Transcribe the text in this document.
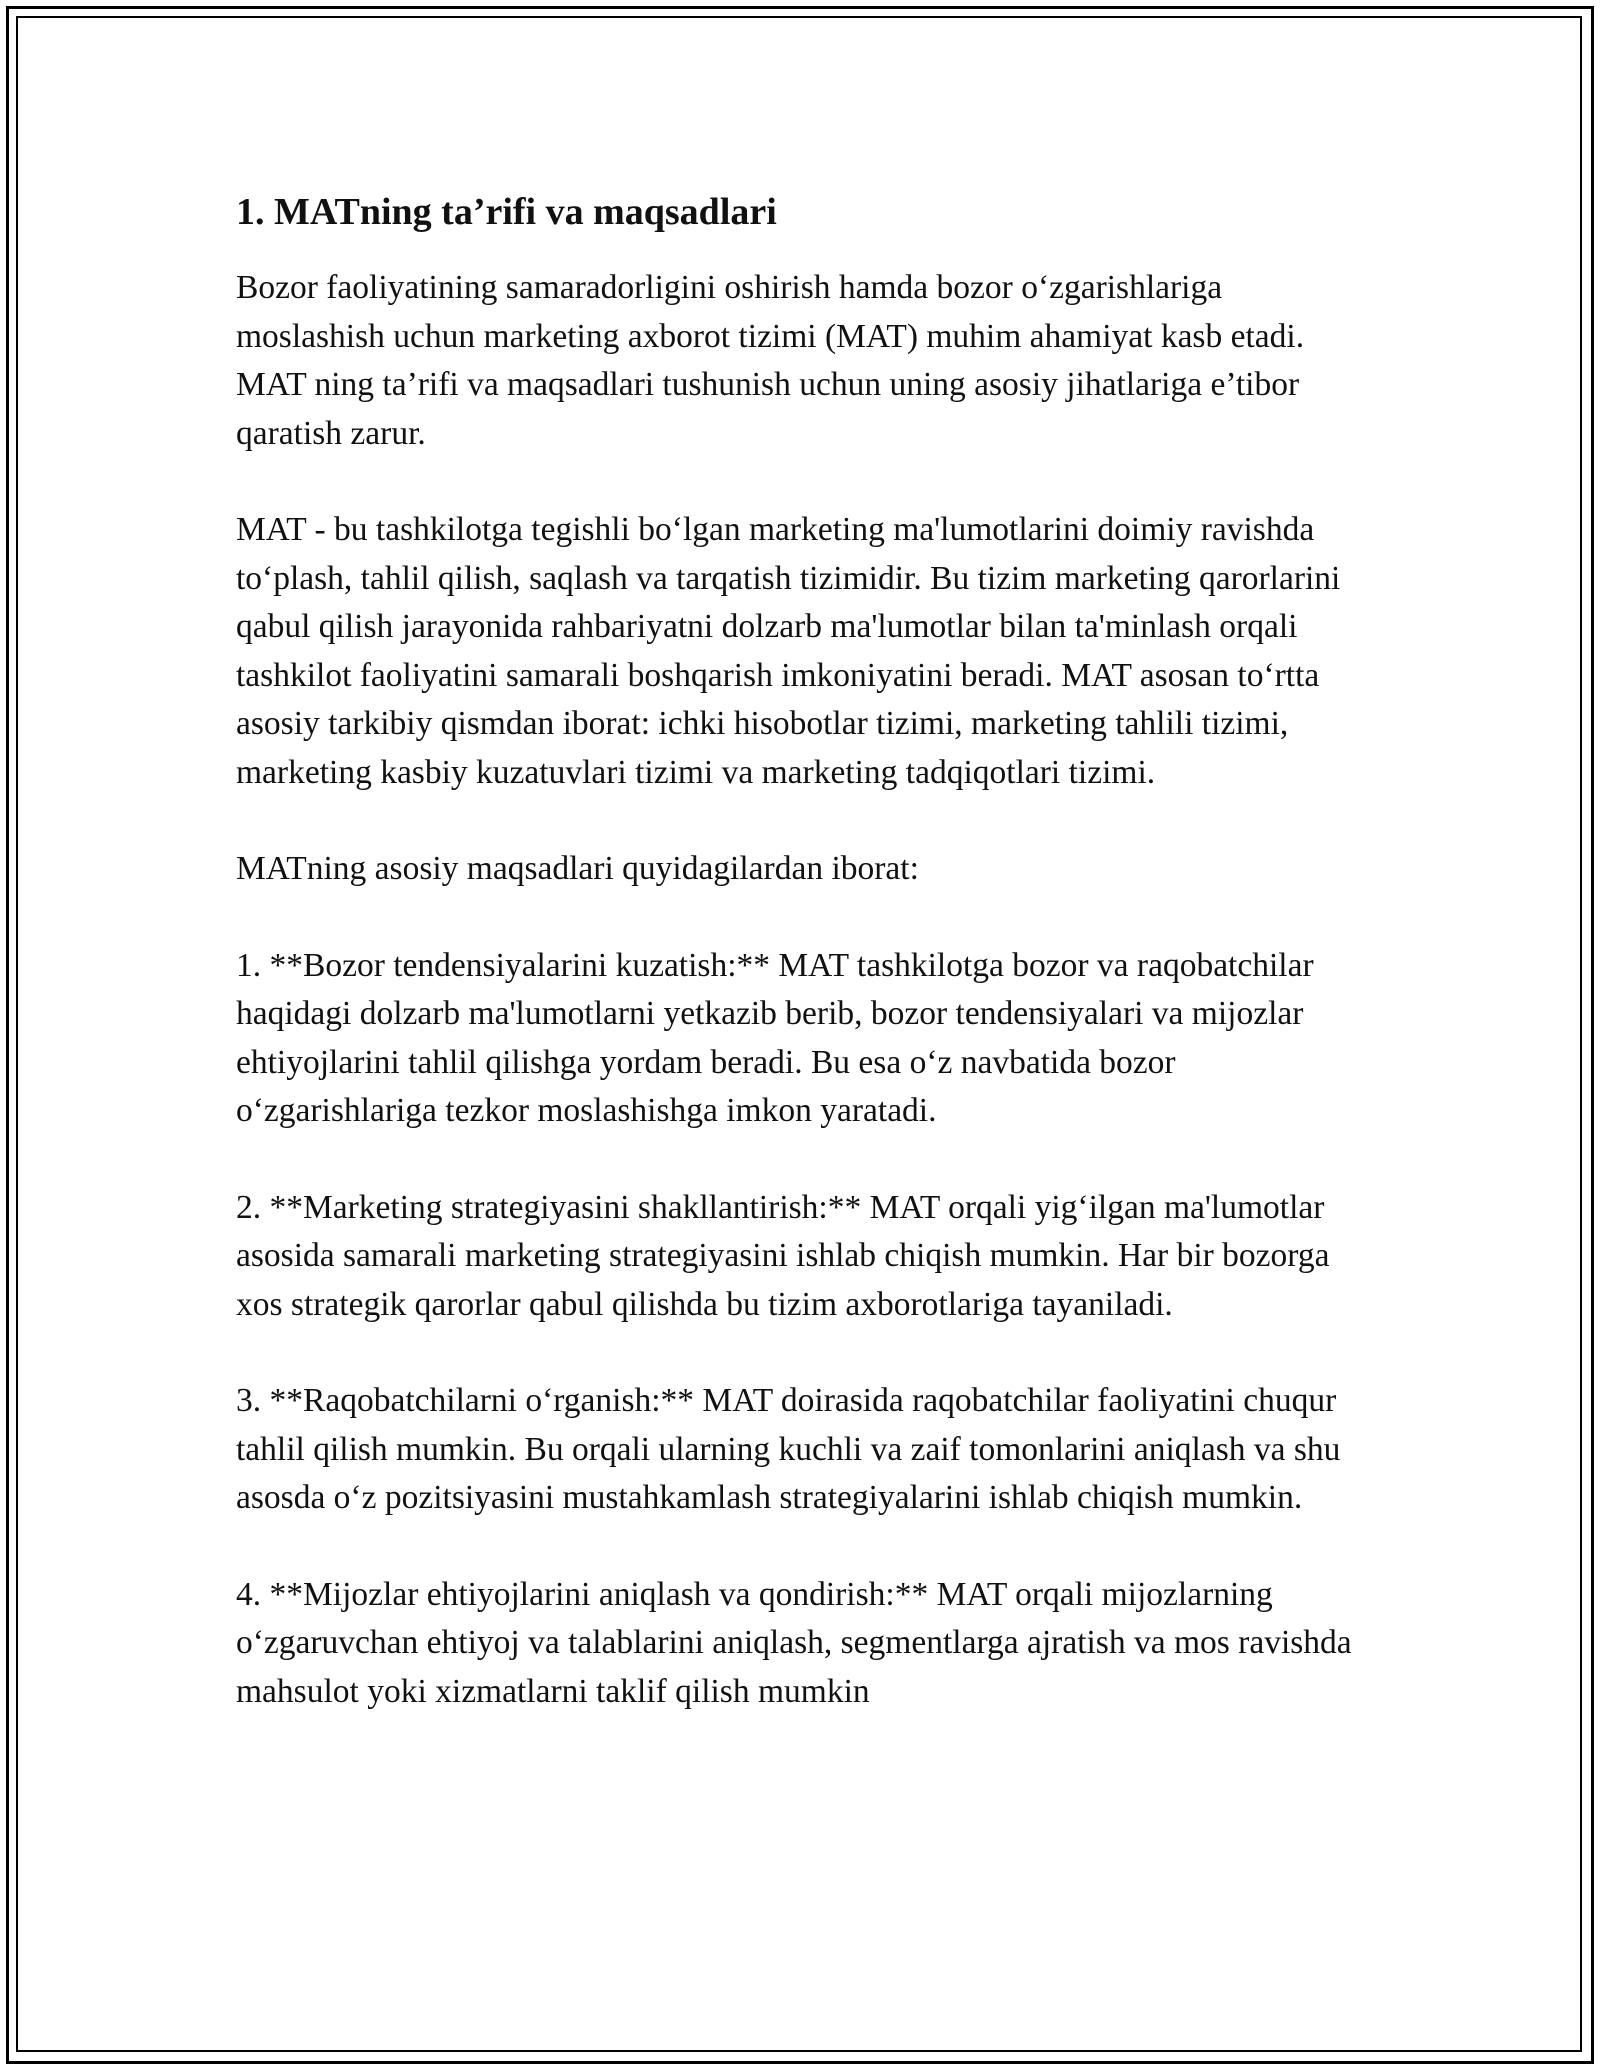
1. MATning ta’rifi va maqsadlari

Bozor faoliyatining samaradorligini oshirish hamda bozor o‘zgarishlariga moslashish uchun marketing axborot tizimi (MAT) muhim ahamiyat kasb etadi. MAT ning ta’rifi va maqsadlari tushunish uchun uning asosiy jihatlariga e’tibor qaratish zarur.

MAT - bu tashkilotga tegishli bo‘lgan marketing ma'lumotlarini doimiy ravishda to‘plash, tahlil qilish, saqlash va tarqatish tizimidir. Bu tizim marketing qarorlarini qabul qilish jarayonida rahbariyatni dolzarb ma'lumotlar bilan ta'minlash orqali tashkilot faoliyatini samarali boshqarish imkoniyatini beradi. MAT asosan to‘rtta asosiy tarkibiy qismdan iborat: ichki hisobotlar tizimi, marketing tahlili tizimi, marketing kasbiy kuzatuvlari tizimi va marketing tadqiqotlari tizimi.

MATning asosiy maqsadlari quyidagilardan iborat:

1. **Bozor tendensiyalarini kuzatish:** MAT tashkilotga bozor va raqobatchilar haqidagi dolzarb ma'lumotlarni yetkazib berib, bozor tendensiyalari va mijozlar ehtiyojlarini tahlil qilishga yordam beradi. Bu esa o‘z navbatida bozor o‘zgarishlariga tezkor moslashishga imkon yaratadi.

2. **Marketing strategiyasini shakllantirish:** MAT orqali yig‘ilgan ma'lumotlar asosida samarali marketing strategiyasini ishlab chiqish mumkin. Har bir bozorga xos strategik qarorlar qabul qilishda bu tizim axborotlariga tayaniladi.

3. **Raqobatchilarni o‘rganish:** MAT doirasida raqobatchilar faoliyatini chuqur tahlil qilish mumkin. Bu orqali ularning kuchli va zaif tomonlarini aniqlash va shu asosda o‘z pozitsiyasini mustahkamlash strategiyalarini ishlab chiqish mumkin.

4. **Mijozlar ehtiyojlarini aniqlash va qondirish:** MAT orqali mijozlarning o‘zgaruvchan ehtiyoj va talablarini aniqlash, segmentlarga ajratish va mos ravishda mahsulot yoki xizmatlarni taklif qilish mumkin
